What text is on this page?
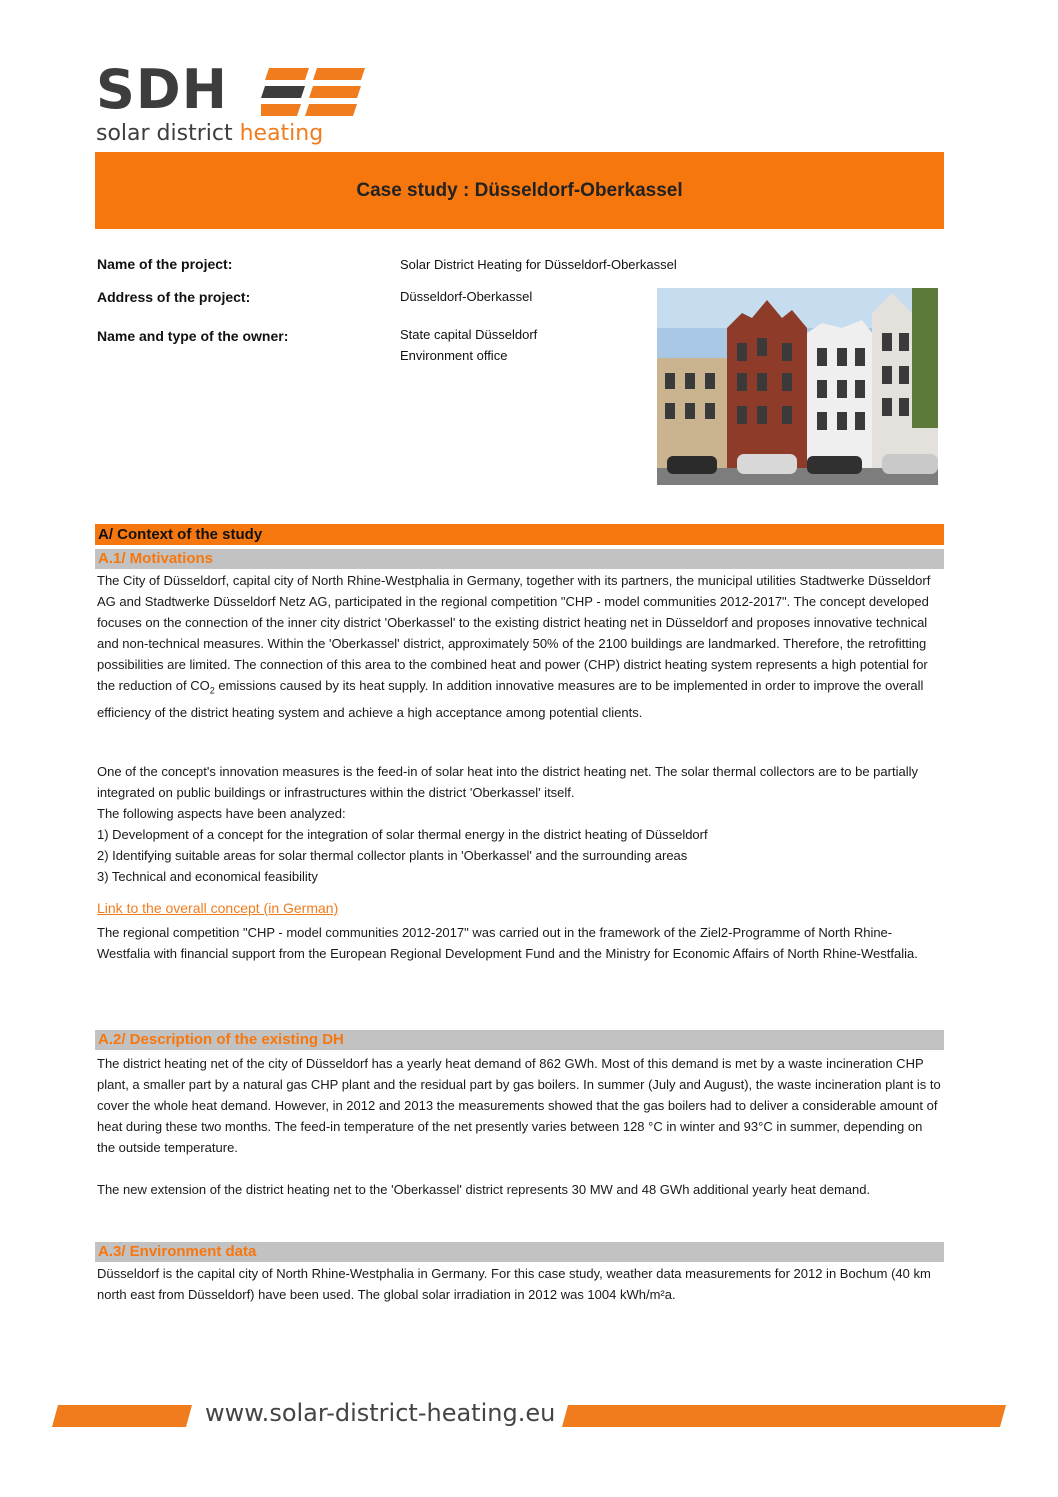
SDH
solar district heating
Case study : Düsseldorf-Oberkassel
Name of the project:	Solar District Heating for Düsseldorf-Oberkassel
Address of the project:	Düsseldorf-Oberkassel
Name and type of the owner:	State capital Düsseldorf
Environment office
A/ Context of the study
A.1/ Motivations

The City of Düsseldorf, capital city of North Rhine-Westphalia in Germany, together with its partners, the municipal utilities Stadtwerke Düsseldorf AG and Stadtwerke Düsseldorf Netz AG, participated in the regional competition "CHP - model communities 2012-2017". The concept developed focuses on the connection of the inner city district 'Oberkassel' to the existing district heating net in Düsseldorf and proposes innovative technical and non-technical measures. Within the 'Oberkassel' district, approximately 50% of the 2100 buildings are landmarked. Therefore, the retrofitting possibilities are limited. The connection of this area to the combined heat and power (CHP) district heating system represents a high potential for the reduction of $CO_2$ emissions caused by its heat supply. In addition innovative measures are to be implemented in order to improve the overall efficiency of the district heating system and achieve a high acceptance among potential clients.

One of the concept's innovation measures is the feed-in of solar heat into the district heating net. The solar thermal collectors are to be partially integrated on public buildings or infrastructures within the district 'Oberkassel' itself.

The following aspects have been analyzed:

1) Development of a concept for the integration of solar thermal energy in the district heating of Düsseldorf

2) Identifying suitable areas for solar thermal collector plants in 'Oberkassel' and the surrounding areas

3) Technical and economical feasibility

Link to the overall concept (in German)

The regional competition "CHP - model communities 2012-2017" was carried out in the framework of the Ziel2-Programme of North Rhine-Westfalia with financial support from the European Regional Development Fund and the Ministry for Economic Affairs of North Rhine-Westfalia.

A.2/ Description of the existing DH

The district heating net of the city of Düsseldorf has a yearly heat demand of 862 GWh. Most of this demand is met by a waste incineration CHP plant, a smaller part by a natural gas CHP plant and the residual part by gas boilers. In summer (July and August), the waste incineration plant is to cover the whole heat demand. However, in 2012 and 2013 the measurements showed that the gas boilers had to deliver a considerable amount of heat during these two months. The feed-in temperature of the net presently varies between 128 °C in winter and 93°C in summer, depending on the outside temperature.

The new extension of the district heating net to the 'Oberkassel' district represents 30 MW and 48 GWh additional yearly heat demand.

A.3/ Environment data

Düsseldorf is the capital city of North Rhine-Westphalia in Germany. For this case study, weather data measurements for 2012 in Bochum (40 km north east from Düsseldorf) have been used. The global solar irradiation in 2012 was 1004 kWh/m²a.

www.solar-district-heating.eu
